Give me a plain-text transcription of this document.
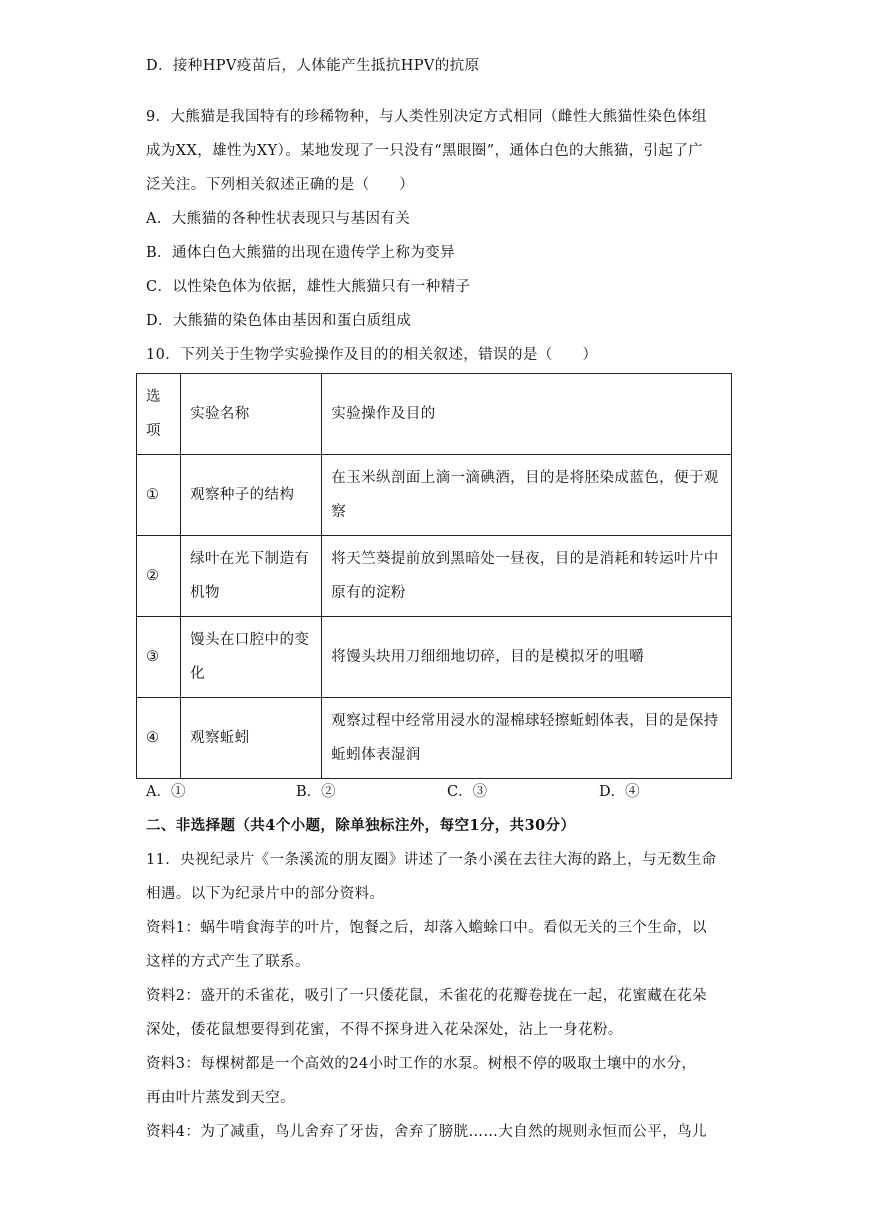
D．接种HPV疫苗后，人体能产生抵抗HPV的抗原
9．大熊猫是我国特有的珍稀物种，与人类性别决定方式相同（雌性大熊猫性染色体组
成为XX，雄性为XY）。某地发现了一只没有“黑眼圈”，通体白色的大熊猫，引起了广
泛关注。下列相关叙述正确的是（　　）
A．大熊猫的各种性状表现只与基因有关
B．通体白色大熊猫的出现在遗传学上称为变异
C．以性染色体为依据，雄性大熊猫只有一种精子
D．大熊猫的染色体由基因和蛋白质组成
10．下列关于生物学实验操作及目的的相关叙述，错误的是（　　）
选项	实验名称	实验操作及目的
①	观察种子的结构	在玉米纵剖面上滴一滴碘酒，目的是将胚染成蓝色，便于观察
②	绿叶在光下制造有机物	将天竺葵提前放到黑暗处一昼夜，目的是消耗和转运叶片中原有的淀粉
③	馒头在口腔中的变化	将馒头块用刀细细地切碎，目的是模拟牙的咀嚼
④	观察蚯蚓	观察过程中经常用浸水的湿棉球轻擦蚯蚓体表，目的是保持蚯蚓体表湿润
A．①	B．②	C．③	D．④
二、非选择题（共4个小题，除单独标注外，每空1分，共30分）
11．央视纪录片《一条溪流的朋友圈》讲述了一条小溪在去往大海的路上，与无数生命
相遇。以下为纪录片中的部分资料。
资料1：蜗牛啃食海芋的叶片，饱餐之后，却落入蟾蜍口中。看似无关的三个生命，以
这样的方式产生了联系。
资料2：盛开的禾雀花，吸引了一只倭花鼠，禾雀花的花瓣卷拢在一起，花蜜藏在花朵
深处，倭花鼠想要得到花蜜，不得不探身进入花朵深处，沾上一身花粉。
资料3：每棵树都是一个高效的24小时工作的水泵。树根不停的吸取土壤中的水分，
再由叶片蒸发到天空。
资料4：为了减重，鸟儿舍弃了牙齿，舍弃了膀胱……大自然的规则永恒而公平，鸟儿
